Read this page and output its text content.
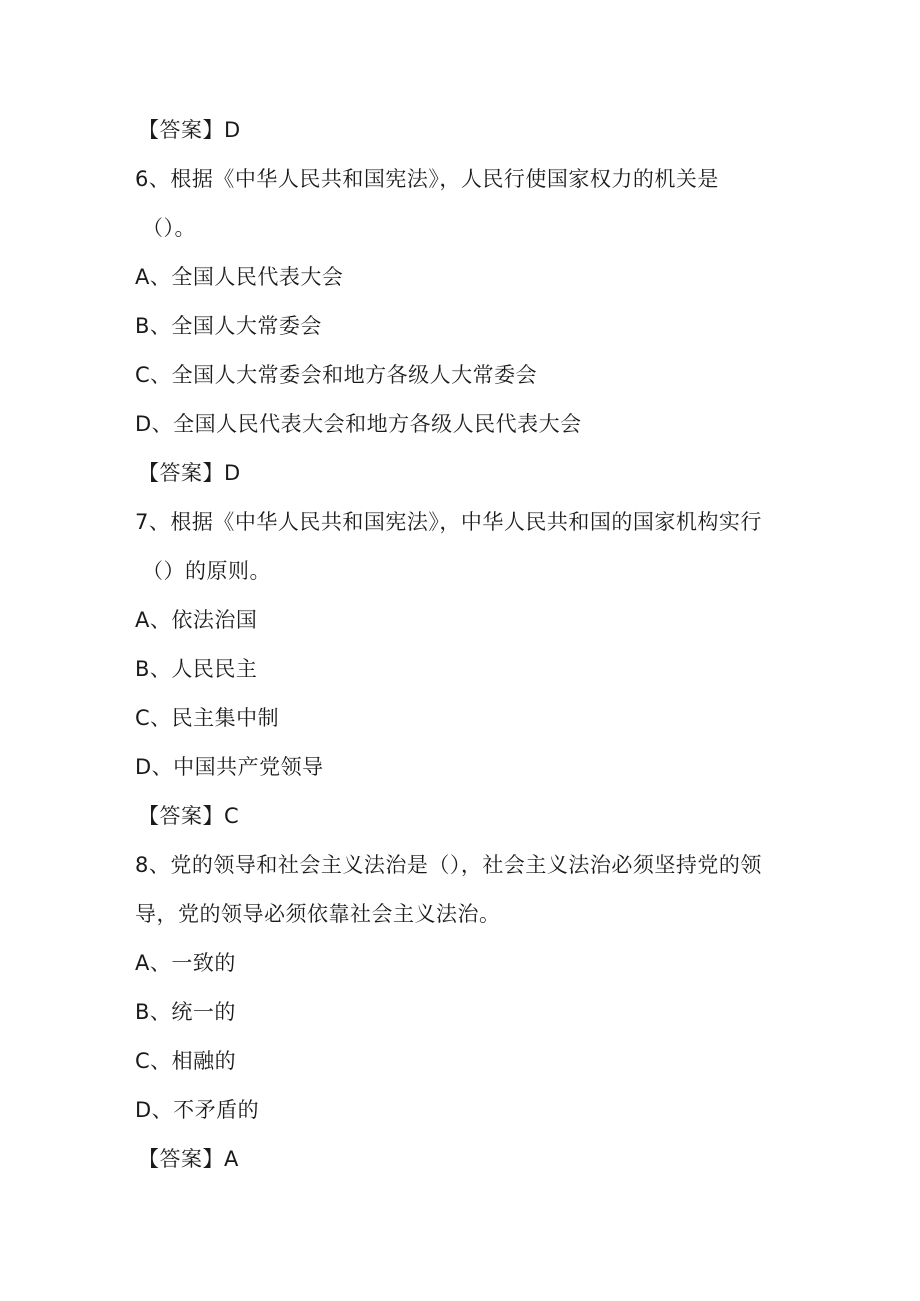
【答案】D
6、根据《中华人民共和国宪法》，人民行使国家权力的机关是
（）。
A、全国人民代表大会
B、全国人大常委会
C、全国人大常委会和地方各级人大常委会
D、全国人民代表大会和地方各级人民代表大会
【答案】D
7、根据《中华人民共和国宪法》，中华人民共和国的国家机构实行
（）的原则。
A、依法治国
B、人民民主
C、民主集中制
D、中国共产党领导
【答案】C
8、党的领导和社会主义法治是（），社会主义法治必须坚持党的领
导，党的领导必须依靠社会主义法治。
A、一致的
B、统一的
C、相融的
D、不矛盾的
【答案】A
